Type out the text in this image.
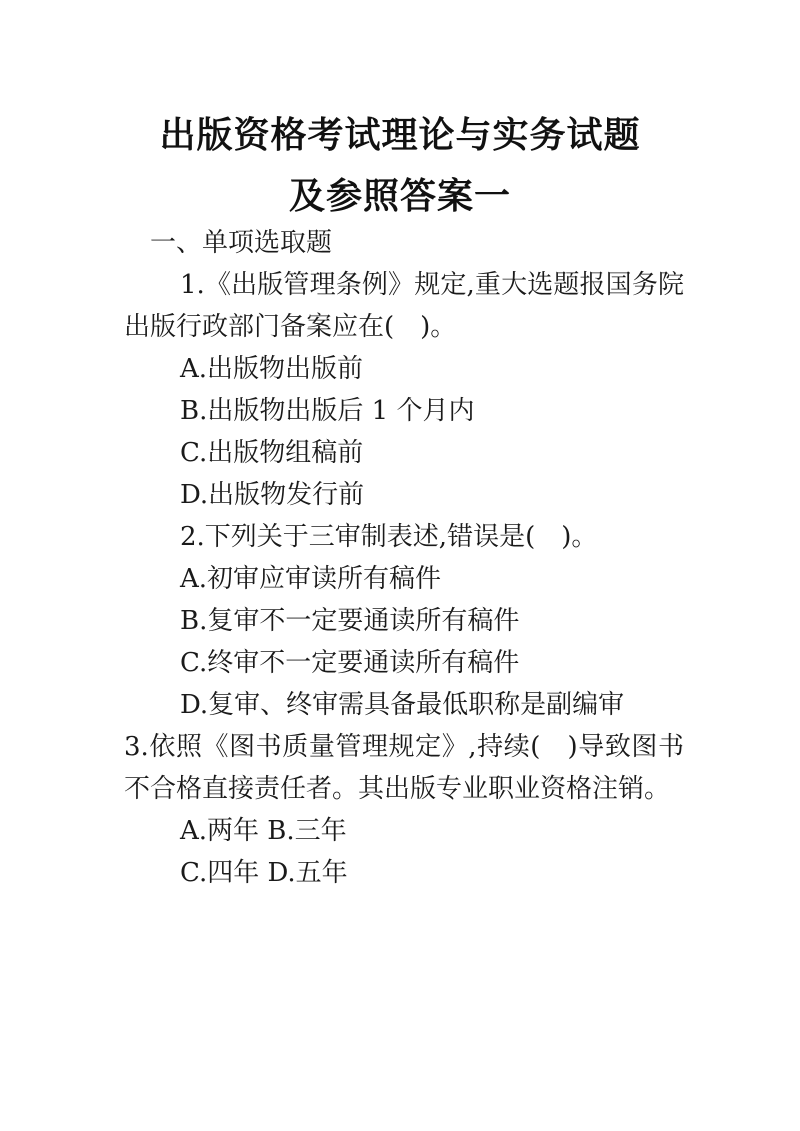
出版资格考试理论与实务试题
及参照答案一
一、单项选取题
1.《出版管理条例》规定,重大选题报国务院出版行政部门备案应在(　)。
A.出版物出版前
B.出版物出版后 1 个月内
C.出版物组稿前
D.出版物发行前
2.下列关于三审制表述,错误是(　)。
A.初审应审读所有稿件
B.复审不一定要通读所有稿件
C.终审不一定要通读所有稿件
D.复审、终审需具备最低职称是副编审
3.依照《图书质量管理规定》,持续(　)导致图书不合格直接责任者。其出版专业职业资格注销。
A.两年 B.三年
C.四年 D.五年
